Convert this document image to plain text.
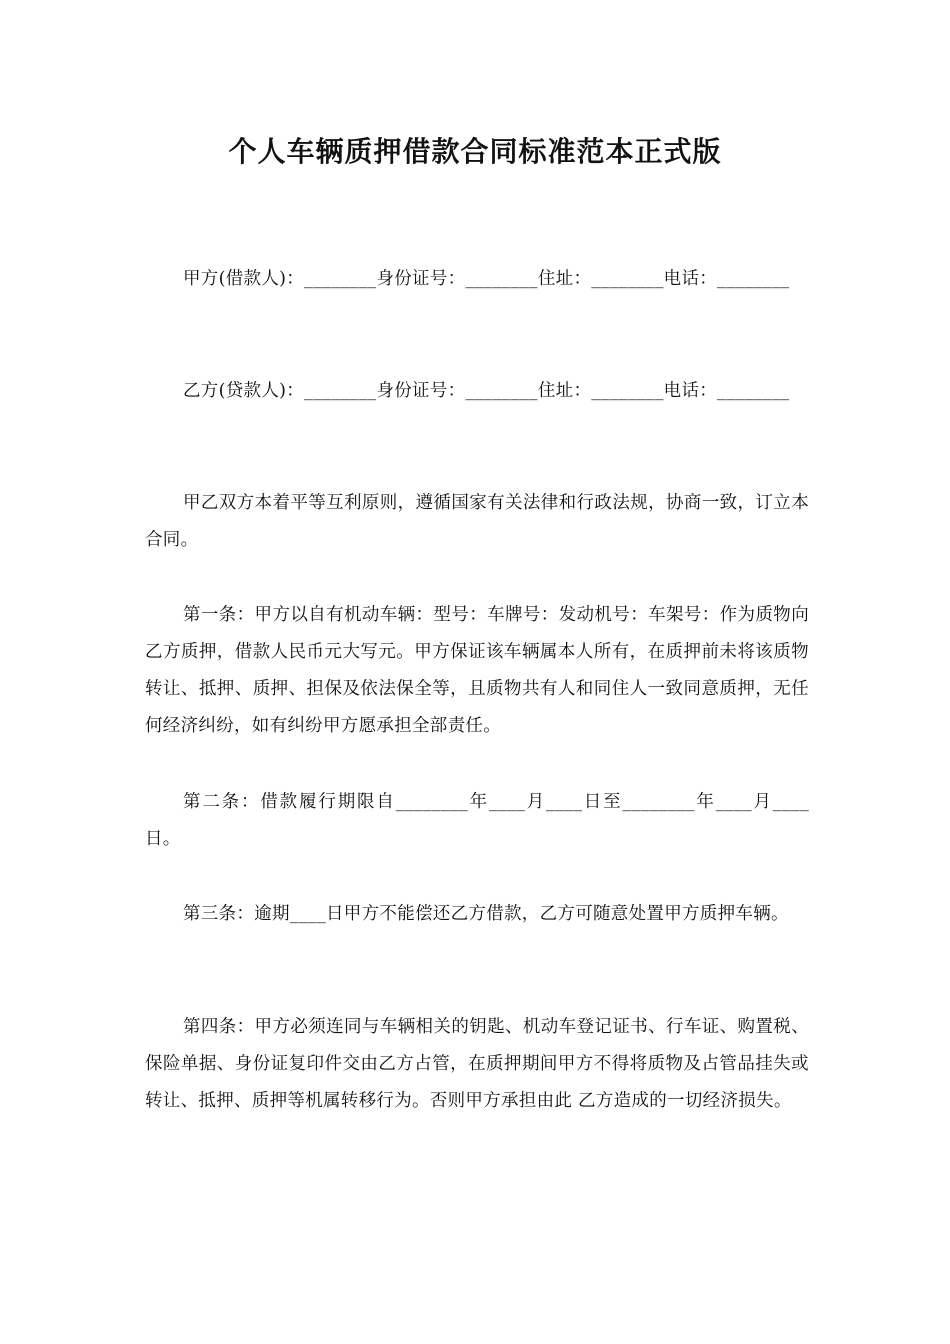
个人车辆质押借款合同标准范本正式版

甲方(借款人)：________身份证号：________住址：________电话：________

乙方(贷款人)：________身份证号：________住址：________电话：________

甲乙双方本着平等互利原则，遵循国家有关法律和行政法规，协商一致，订立本合同。

第一条：甲方以自有机动车辆：型号：车牌号：发动机号：车架号：作为质物向乙方质押，借款人民币元大写元。甲方保证该车辆属本人所有，在质押前未将该质物转让、抵押、质押、担保及依法保全等，且质物共有人和同住人一致同意质押，无任何经济纠纷，如有纠纷甲方愿承担全部责任。

第二条：借款履行期限自________年____月____日至________年____月____日。

第三条：逾期____日甲方不能偿还乙方借款，乙方可随意处置甲方质押车辆。

第四条：甲方必须连同与车辆相关的钥匙、机动车登记证书、行车证、购置税、保险单据、身份证复印件交由乙方占管，在质押期间甲方不得将质物及占管品挂失或转让、抵押、质押等机属转移行为。否则甲方承担由此 乙方造成的一切经济损失。
